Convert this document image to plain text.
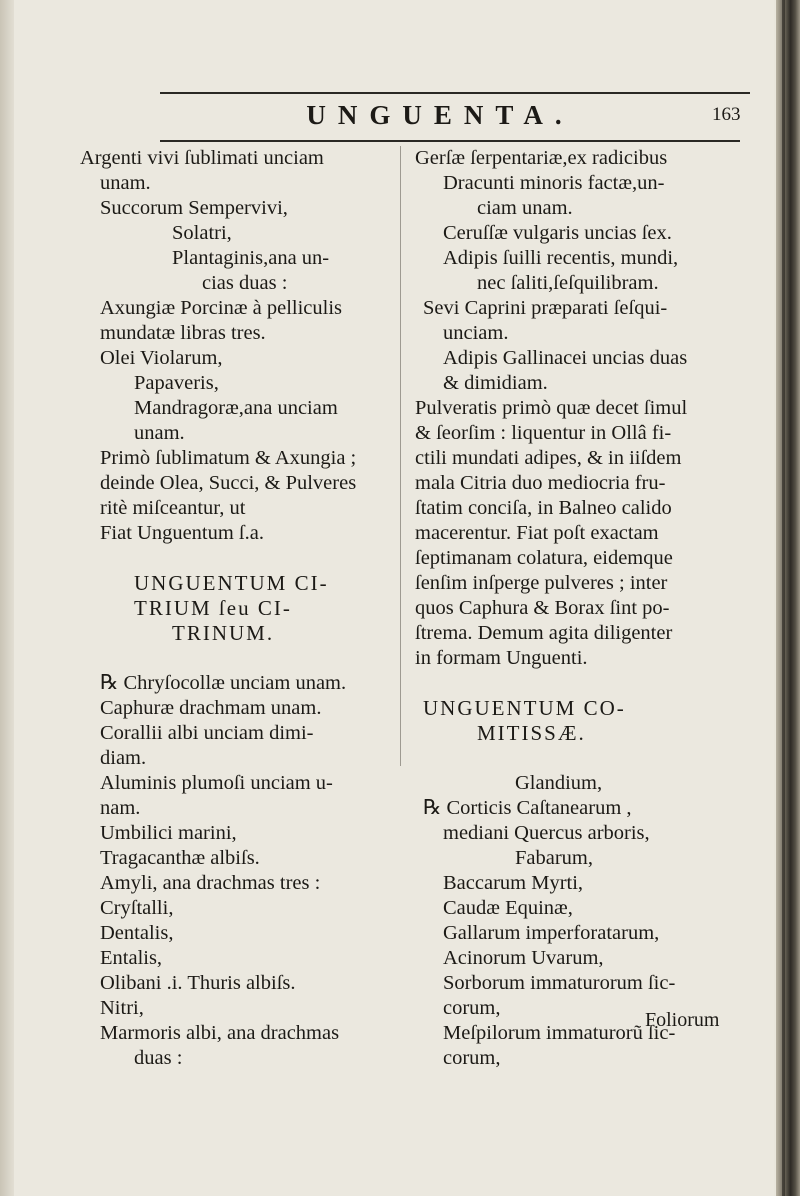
UNGUENTA.	163
Argenti vivi ſublimati unciam
unam.
Succorum Sempervivi,
Solatri,
Plantaginis,ana un-
cias duas :
Axungiæ Porcinæ à pelliculis
mundatæ libras tres.
Olei Violarum,
Papaveris,
Mandragoræ,ana unciam
unam.
Primò ſublimatum & Axungia ;
deinde Olea, Succi, & Pulveres
ritè miſceantur, ut
Fiat Unguentum ſ.a.
UNGUENTUM CI-
TRIUM ſeu CI-
TRINUM.
℞ Chryſocollæ unciam unam.
Caphuræ drachmam unam.
Corallii albi unciam dimi-
diam.
Aluminis plumoſi unciam u-
nam.
Umbilici marini,
Tragacanthæ albiſs.
Amyli, ana drachmas tres :
Cryſtalli,
Dentalis,
Entalis,
Olibani .i. Thuris albiſs.
Nitri,
Marmoris albi, ana drachmas
duas :
Gerſæ ſerpentariæ,ex radicibus
Dracunti minoris factæ,un-
ciam unam.
Ceruſſæ vulgaris uncias ſex.
Adipis ſuilli recentis, mundi,
nec ſaliti,ſeſquilibram.
Sevi Caprini præparati ſeſqui-
unciam.
Adipis Gallinacei uncias duas
& dimidiam.
Pulveratis primò quæ decet ſimul
& ſeorſim : liquentur in Ollâ fi-
ctili mundati adipes, & in iiſdem
mala Citria duo mediocria fru-
ſtatim conciſa, in Balneo calido
macerentur. Fiat poſt exactam
ſeptimanam colatura, eidemque
ſenſim inſperge pulveres ; inter
quos Caphura & Borax ſint po-
ſtrema. Demum agita diligenter
in formam Unguenti.
UNGUENTUM CO-
MITISSÆ.
Glandium,
℞ Corticis Caſtanearum ,
mediani Quercus arboris,
Fabarum,
Baccarum Myrti,
Caudæ Equinæ,
Gallarum imperforatarum,
Acinorum Uvarum,
Sorborum immaturorum ſic-
corum,
Meſpilorum immaturorũ ſic-
corum,
Foliorum
